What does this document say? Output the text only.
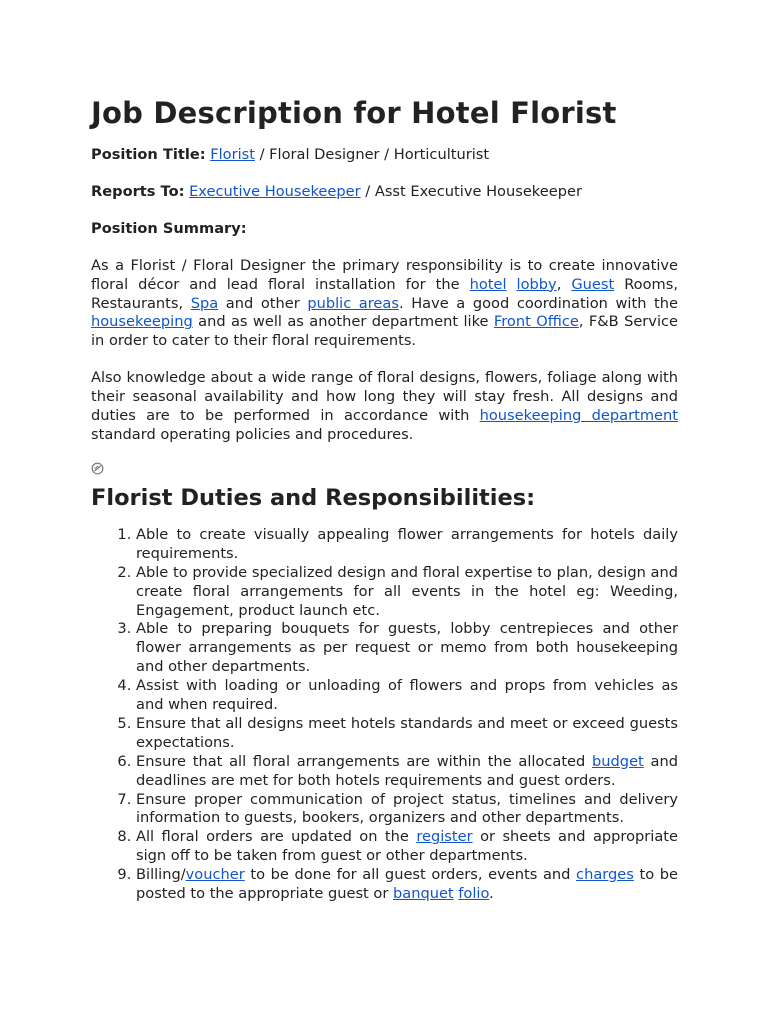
Job Description for Hotel Florist

Position Title: Florist / Floral Designer / Horticulturist

Reports To: Executive Housekeeper / Asst Executive Housekeeper

Position Summary:

As a Florist / Floral Designer the primary responsibility is to create innovative floral décor and lead floral installation for the hotel lobby, Guest Rooms, Restaurants, Spa and other public areas. Have a good coordination with the housekeeping and as well as another department like Front Office, F&B Service in order to cater to their floral requirements.

Also knowledge about a wide range of floral designs, flowers, foliage along with their seasonal availability and how long they will stay fresh. All designs and duties are to be performed in accordance with housekeeping department standard operating policies and procedures.

Florist Duties and Responsibilities:
1. Able to create visually appealing flower arrangements for hotels daily requirements.
2. Able to provide specialized design and floral expertise to plan, design and create floral arrangements for all events in the hotel eg: Weeding, Engagement, product launch etc.
3. Able to preparing bouquets for guests, lobby centrepieces and other flower arrangements as per request or memo from both housekeeping and other departments.
4. Assist with loading or unloading of flowers and props from vehicles as and when required.
5. Ensure that all designs meet hotels standards and meet or exceed guests expectations.
6. Ensure that all floral arrangements are within the allocated budget and deadlines are met for both hotels requirements and guest orders.
7. Ensure proper communication of project status, timelines and delivery information to guests, bookers, organizers and other departments.
8. All floral orders are updated on the register or sheets and appropriate sign off to be taken from guest or other departments.
9. Billing/voucher to be done for all guest orders, events and charges to be posted to the appropriate guest or banquet folio.
